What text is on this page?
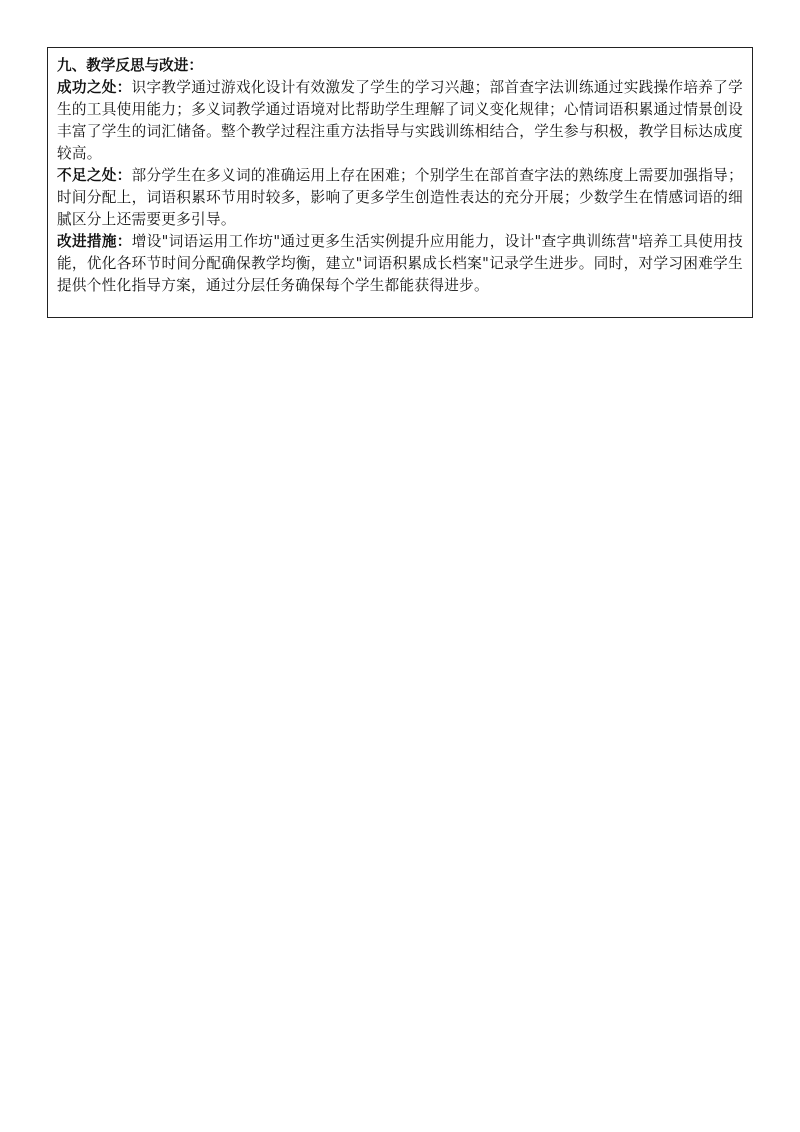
九、教学反思与改进：

成功之处：识字教学通过游戏化设计有效激发了学生的学习兴趣；部首查字法训练通过实践操作培养了学生的工具使用能力；多义词教学通过语境对比帮助学生理解了词义变化规律；心情词语积累通过情景创设丰富了学生的词汇储备。整个教学过程注重方法指导与实践训练相结合，学生参与积极，教学目标达成度较高。

不足之处：部分学生在多义词的准确运用上存在困难；个别学生在部首查字法的熟练度上需要加强指导；时间分配上，词语积累环节用时较多，影响了更多学生创造性表达的充分开展；少数学生在情感词语的细腻区分上还需要更多引导。

改进措施：增设"词语运用工作坊"通过更多生活实例提升应用能力，设计"查字典训练营"培养工具使用技能，优化各环节时间分配确保教学均衡，建立"词语积累成长档案"记录学生进步。同时，对学习困难学生提供个性化指导方案，通过分层任务确保每个学生都能获得进步。
